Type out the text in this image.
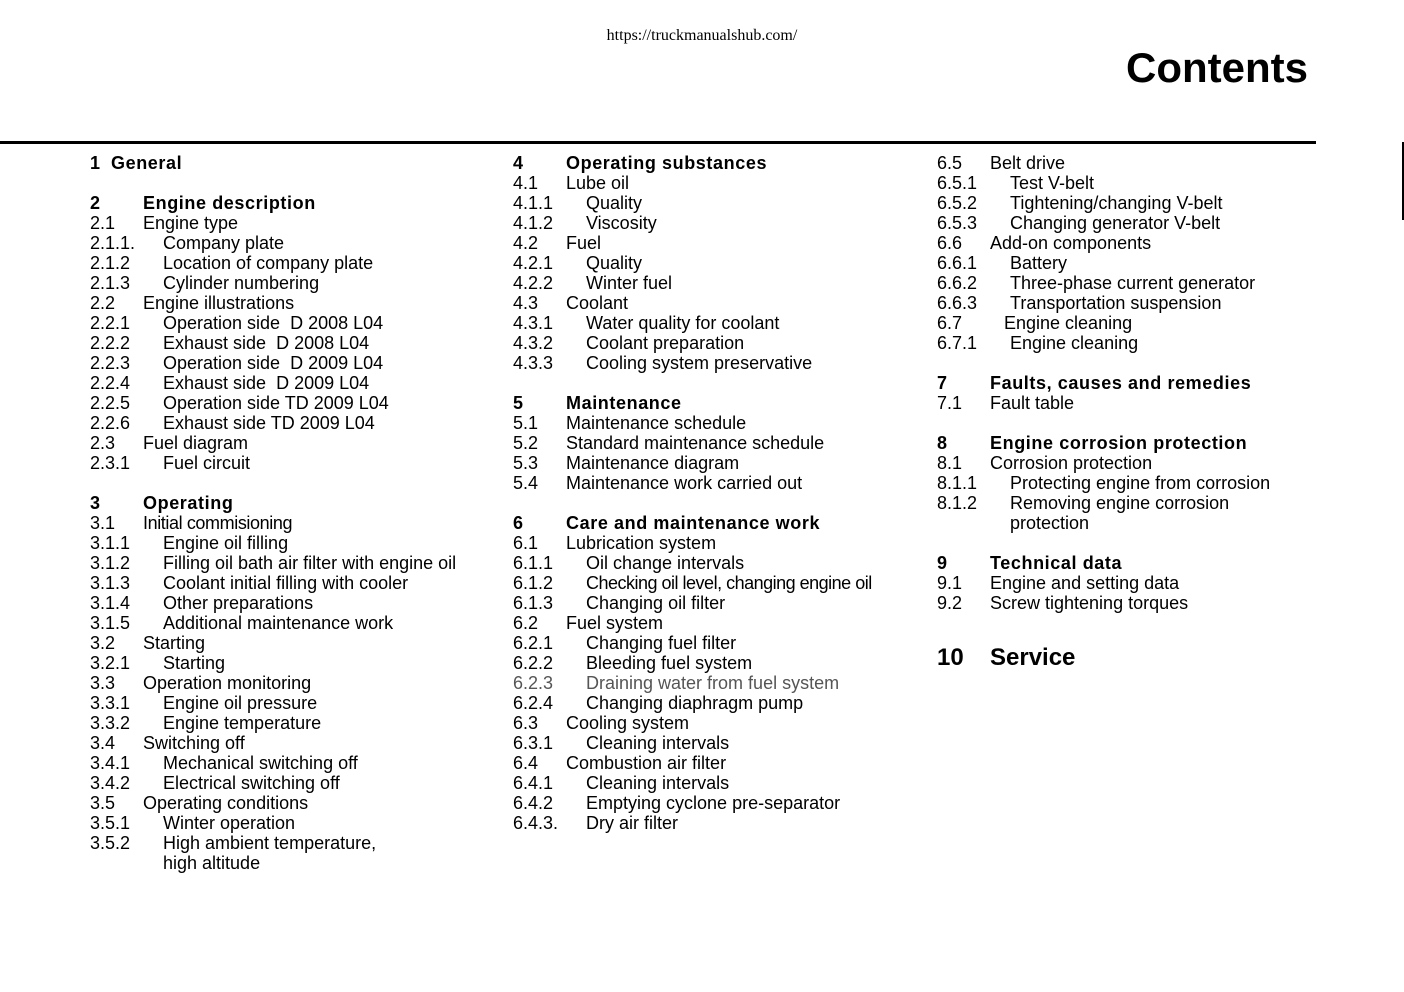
https://truckmanualshub.com/
Contents
1 General
2 Engine description
2.1 Engine type
2.1.1. Company plate
2.1.2 Location of company plate
2.1.3 Cylinder numbering
2.2 Engine illustrations
2.2.1 Operation side  D 2008 L04
2.2.2 Exhaust side  D 2008 L04
2.2.3 Operation side  D 2009 L04
2.2.4 Exhaust side  D 2009 L04
2.2.5 Operation side TD 2009 L04
2.2.6 Exhaust side TD 2009 L04
2.3 Fuel diagram
2.3.1 Fuel circuit
3 Operating
3.1 Initial commisioning
3.1.1 Engine oil filling
3.1.2 Filling oil bath air filter with engine oil
3.1.3 Coolant initial filling with cooler
3.1.4 Other preparations
3.1.5 Additional maintenance work
3.2 Starting
3.2.1 Starting
3.3 Operation monitoring
3.3.1 Engine oil pressure
3.3.2 Engine temperature
3.4 Switching off
3.4.1 Mechanical switching off
3.4.2 Electrical switching off
3.5 Operating conditions
3.5.1 Winter operation
3.5.2 High ambient temperature,
high altitude
4 Operating substances
4.1 Lube oil
4.1.1 Quality
4.1.2 Viscosity
4.2 Fuel
4.2.1 Quality
4.2.2 Winter fuel
4.3 Coolant
4.3.1 Water quality for coolant
4.3.2 Coolant preparation
4.3.3 Cooling system preservative
5 Maintenance
5.1 Maintenance schedule
5.2 Standard maintenance schedule
5.3 Maintenance diagram
5.4 Maintenance work carried out
6 Care and maintenance work
6.1 Lubrication system
6.1.1 Oil change intervals
6.1.2 Checking oil level, changing engine oil
6.1.3 Changing oil filter
6.2 Fuel system
6.2.1 Changing fuel filter
6.2.2 Bleeding fuel system
6.2.3 Draining water from fuel system
6.2.4 Changing diaphragm pump
6.3 Cooling system
6.3.1 Cleaning intervals
6.4 Combustion air filter
6.4.1 Cleaning intervals
6.4.2 Emptying cyclone pre-separator
6.4.3. Dry air filter
6.5 Belt drive
6.5.1 Test V-belt
6.5.2 Tightening/changing V-belt
6.5.3 Changing generator V-belt
6.6 Add-on components
6.6.1 Battery
6.6.2 Three-phase current generator
6.6.3 Transportation suspension
6.7 Engine cleaning
6.7.1 Engine cleaning
7 Faults, causes and remedies
7.1 Fault table
8 Engine corrosion protection
8.1 Corrosion protection
8.1.1 Protecting engine from corrosion
8.1.2 Removing engine corrosion
protection
9 Technical data
9.1 Engine and setting data
9.2 Screw tightening torques
10 Service
